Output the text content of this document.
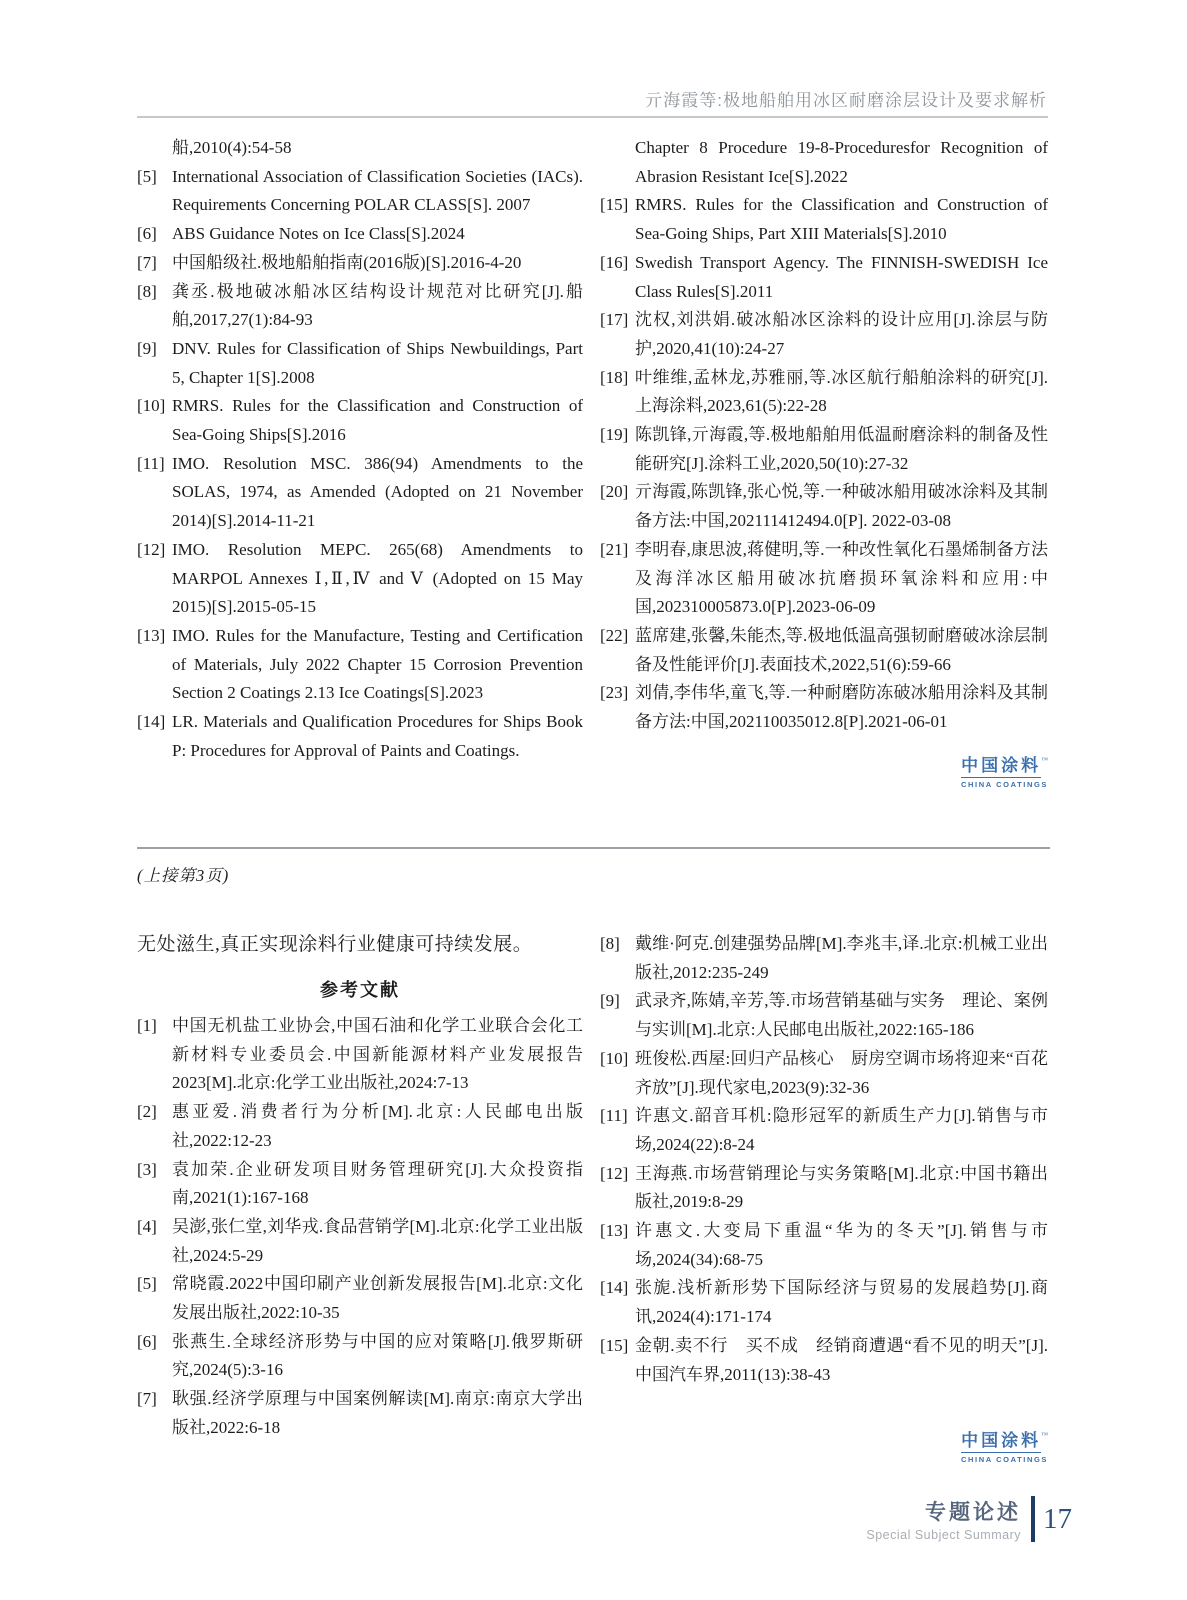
亓海霞等:极地船舶用冰区耐磨涂层设计及要求解析
船,2010(4):54-58
[5] International Association of Classification Societies (IACs). Requirements Concerning POLAR CLASS[S]. 2007
[6] ABS Guidance Notes on Ice Class[S].2024
[7] 中国船级社.极地船舶指南(2016版)[S].2016-4-20
[8] 龚丞.极地破冰船冰区结构设计规范对比研究[J].船舶,2017,27(1):84-93
[9] DNV. Rules for Classification of Ships Newbuildings, Part 5, Chapter 1[S].2008
[10] RMRS. Rules for the Classification and Construction of Sea-Going Ships[S].2016
[11] IMO. Resolution MSC. 386(94) Amendments to the SOLAS, 1974, as Amended (Adopted on 21 November 2014)[S].2014-11-21
[12] IMO. Resolution MEPC. 265(68) Amendments to MARPOL Annexes Ⅰ,Ⅱ,Ⅳ and Ⅴ (Adopted on 15 May 2015)[S].2015-05-15
[13] IMO. Rules for the Manufacture, Testing and Certification of Materials, July 2022 Chapter 15 Corrosion Prevention Section 2 Coatings 2.13 Ice Coatings[S].2023
[14] LR. Materials and Qualification Procedures for Ships Book P: Procedures for Approval of Paints and Coatings.
Chapter 8 Procedure 19-8-Proceduresfor Recognition of Abrasion Resistant Ice[S].2022
[15] RMRS. Rules for the Classification and Construction of Sea-Going Ships, Part XIII Materials[S].2010
[16] Swedish Transport Agency. The FINNISH-SWEDISH Ice Class Rules[S].2011
[17] 沈权,刘洪娟.破冰船冰区涂料的设计应用[J].涂层与防护,2020,41(10):24-27
[18] 叶维维,孟林龙,苏雅丽,等.冰区航行船舶涂料的研究[J].上海涂料,2023,61(5):22-28
[19] 陈凯锋,亓海霞,等.极地船舶用低温耐磨涂料的制备及性能研究[J].涂料工业,2020,50(10):27-32
[20] 亓海霞,陈凯锋,张心悦,等.一种破冰船用破冰涂料及其制备方法:中国,202111412494.0[P]. 2022-03-08
[21] 李明春,康思波,蒋健明,等.一种改性氧化石墨烯制备方法及海洋冰区船用破冰抗磨损环氧涂料和应用:中国,202310005873.0[P].2023-06-09
[22] 蓝席建,张馨,朱能杰,等.极地低温高强韧耐磨破冰涂层制备及性能评价[J].表面技术,2022,51(6):59-66
[23] 刘倩,李伟华,童飞,等.一种耐磨防冻破冰船用涂料及其制备方法:中国,202110035012.8[P].2021-06-01
中国涂料™
CHINA COATINGS
(上接第3页)

无处滋生,真正实现涂料行业健康可持续发展。

参考文献
[1] 中国无机盐工业协会,中国石油和化学工业联合会化工新材料专业委员会.中国新能源材料产业发展报告2023[M].北京:化学工业出版社,2024:7-13
[2] 惠亚爱.消费者行为分析[M].北京:人民邮电出版社,2022:12-23
[3] 袁加荣.企业研发项目财务管理研究[J].大众投资指南,2021(1):167-168
[4] 吴澎,张仁堂,刘华戎.食品营销学[M].北京:化学工业出版社,2024:5-29
[5] 常晓霞.2022中国印刷产业创新发展报告[M].北京:文化发展出版社,2022:10-35
[6] 张燕生.全球经济形势与中国的应对策略[J].俄罗斯研究,2024(5):3-16
[7] 耿强.经济学原理与中国案例解读[M].南京:南京大学出版社,2022:6-18
[8] 戴维·阿克.创建强势品牌[M].李兆丰,译.北京:机械工业出版社,2012:235-249
[9] 武录齐,陈婧,辛芳,等.市场营销基础与实务　理论、案例与实训[M].北京:人民邮电出版社,2022:165-186
[10] 班俊松.西屋:回归产品核心　厨房空调市场将迎来“百花齐放”[J].现代家电,2023(9):32-36
[11] 许惠文.韶音耳机:隐形冠军的新质生产力[J].销售与市场,2024(22):8-24
[12] 王海燕.市场营销理论与实务策略[M].北京:中国书籍出版社,2019:8-29
[13] 许惠文.大变局下重温“华为的冬天”[J].销售与市场,2024(34):68-75
[14] 张旎.浅析新形势下国际经济与贸易的发展趋势[J].商讯,2024(4):171-174
[15] 金朝.卖不行　买不成　经销商遭遇“看不见的明天”[J].中国汽车界,2011(13):38-43
中国涂料™
CHINA COATINGS
专题论述
Special Subject Summary
17
